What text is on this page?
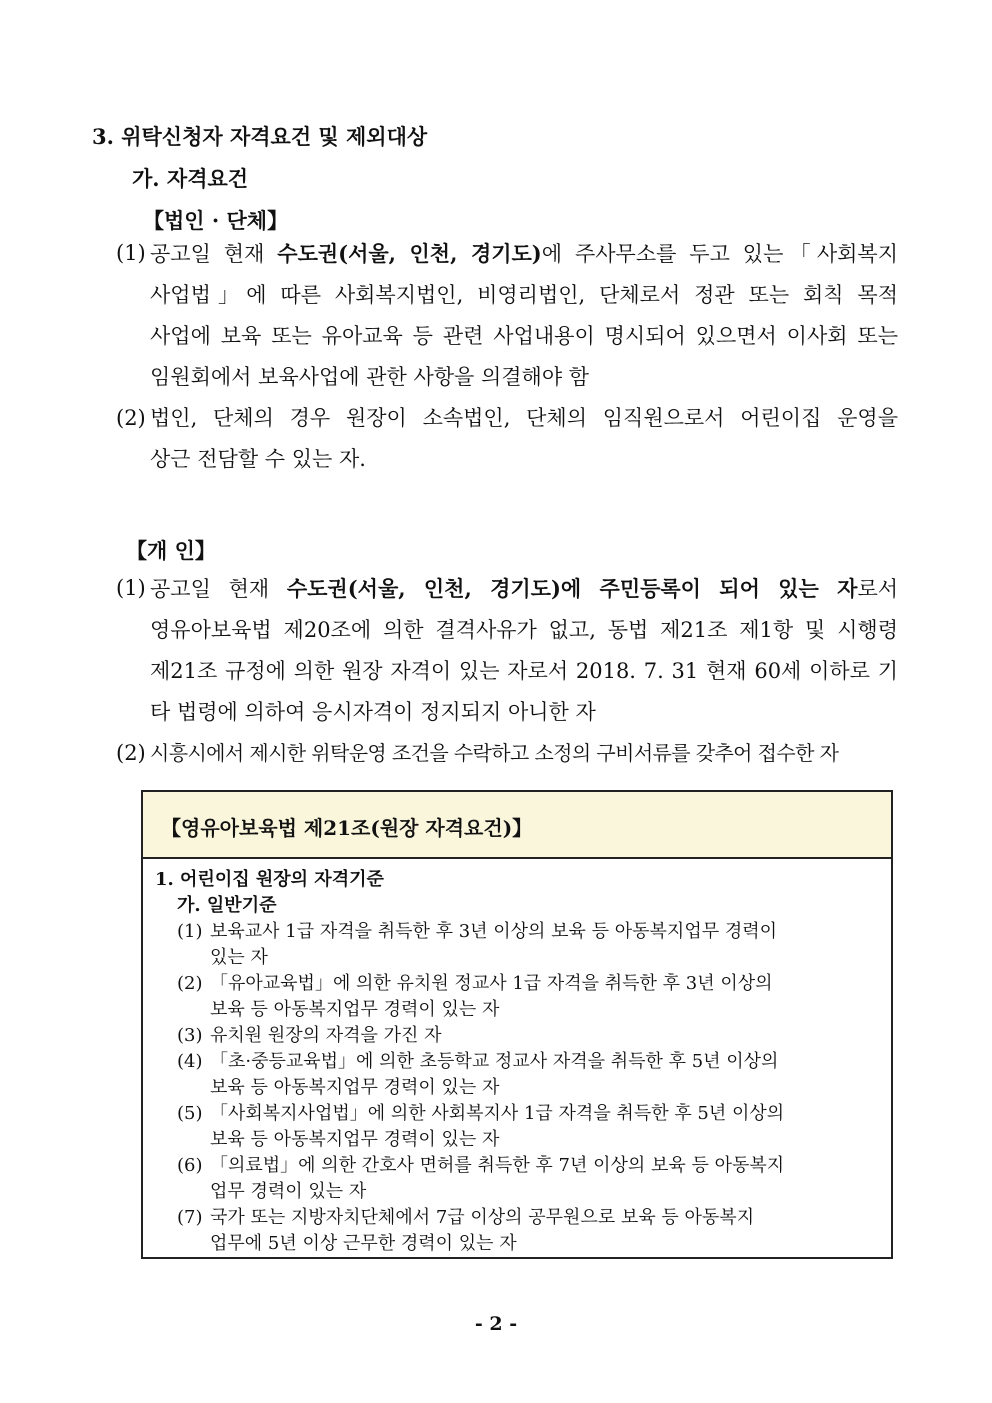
3. 위탁신청자 자격요건 및 제외대상
가. 자격요건
【법인 · 단체】
(1) 공고일 현재 수도권(서울, 인천, 경기도)에 주사무소를 두고 있는「사회복지
사업법」에 따른 사회복지법인, 비영리법인, 단체로서 정관 또는 회칙 목적
사업에 보육 또는 유아교육 등 관련 사업내용이 명시되어 있으면서 이사회 또는
임원회에서 보육사업에 관한 사항을 의결해야 함
(2) 법인, 단체의 경우 원장이 소속법인, 단체의 임직원으로서 어린이집 운영을
상근 전담할 수 있는 자.
【개 인】
(1) 공고일 현재 수도권(서울, 인천, 경기도)에 주민등록이 되어 있는 자로서
영유아보육법 제20조에 의한 결격사유가 없고, 동법 제21조 제1항 및 시행령
제21조 규정에 의한 원장 자격이 있는 자로서 2018. 7. 31 현재 60세 이하로 기
타 법령에 의하여 응시자격이 정지되지 아니한 자
(2) 시흥시에서 제시한 위탁운영 조건을 수락하고 소정의 구비서류를 갖추어 접수한 자
【영유아보육법 제21조(원장 자격요건)】
1. 어린이집 원장의 자격기준
가. 일반기준
(1) 보육교사 1급 자격을 취득한 후 3년 이상의 보육 등 아동복지업무 경력이
있는 자
(2) 「유아교육법」에 의한 유치원 정교사 1급 자격을 취득한 후 3년 이상의
보육 등 아동복지업무 경력이 있는 자
(3) 유치원 원장의 자격을 가진 자
(4) 「초·중등교육법」에 의한 초등학교 정교사 자격을 취득한 후 5년 이상의
보육 등 아동복지업무 경력이 있는 자
(5) 「사회복지사업법」에 의한 사회복지사 1급 자격을 취득한 후 5년 이상의
보육 등 아동복지업무 경력이 있는 자
(6) 「의료법」에 의한 간호사 면허를 취득한 후 7년 이상의 보육 등 아동복지
업무 경력이 있는 자
(7) 국가 또는 지방자치단체에서 7급 이상의 공무원으로 보육 등 아동복지
업무에 5년 이상 근무한 경력이 있는 자
- 2 -
